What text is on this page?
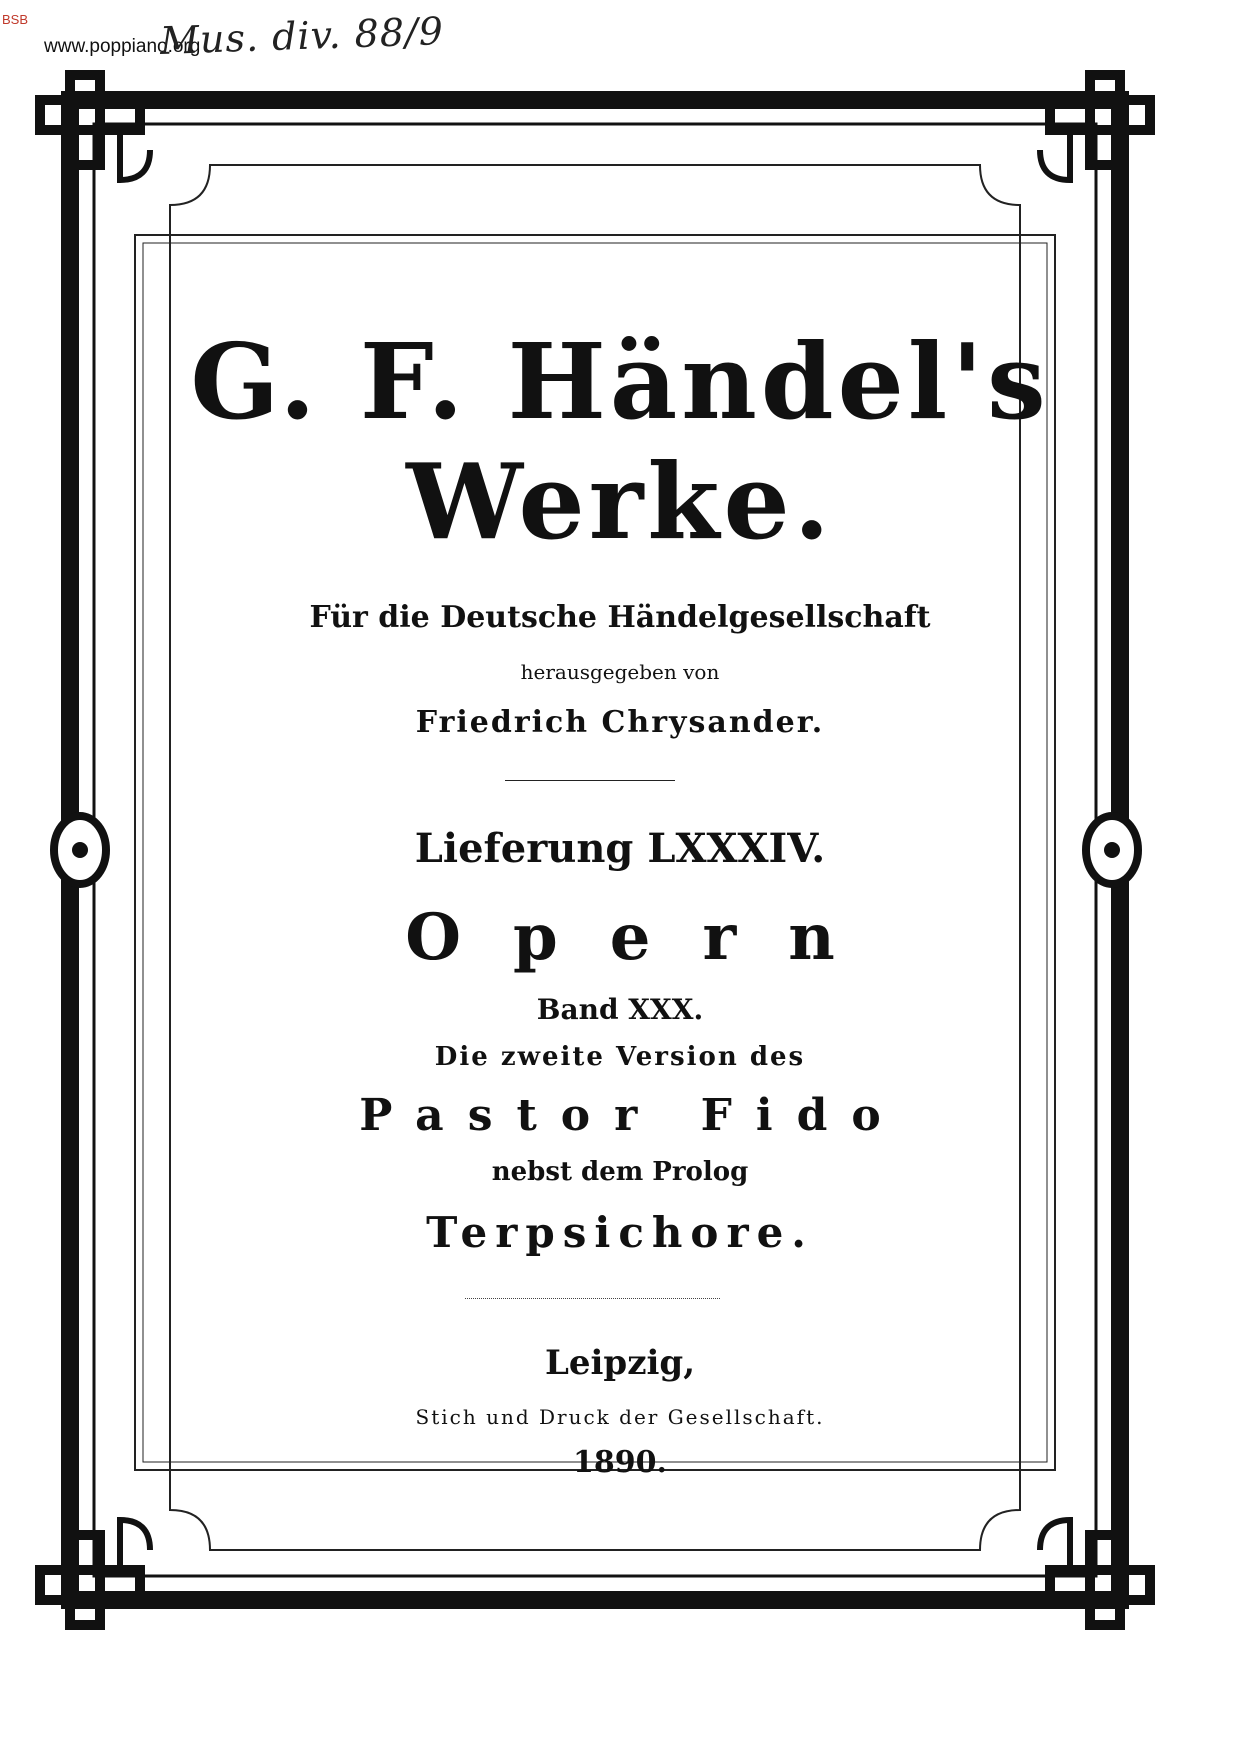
BSB
www.poppiano.org
Mus. div. 88/9
G. F. Händel's
Werke.
Für die Deutsche Händelgesellschaft
herausgegeben von
Friedrich Chrysander.
Lieferung LXXXIV.
Opern
Band XXX.
Die zweite Version des
Pastor Fido
nebst dem Prolog
Terpsichore.
Leipzig,
Stich und Druck der Gesellschaft.
1890.
